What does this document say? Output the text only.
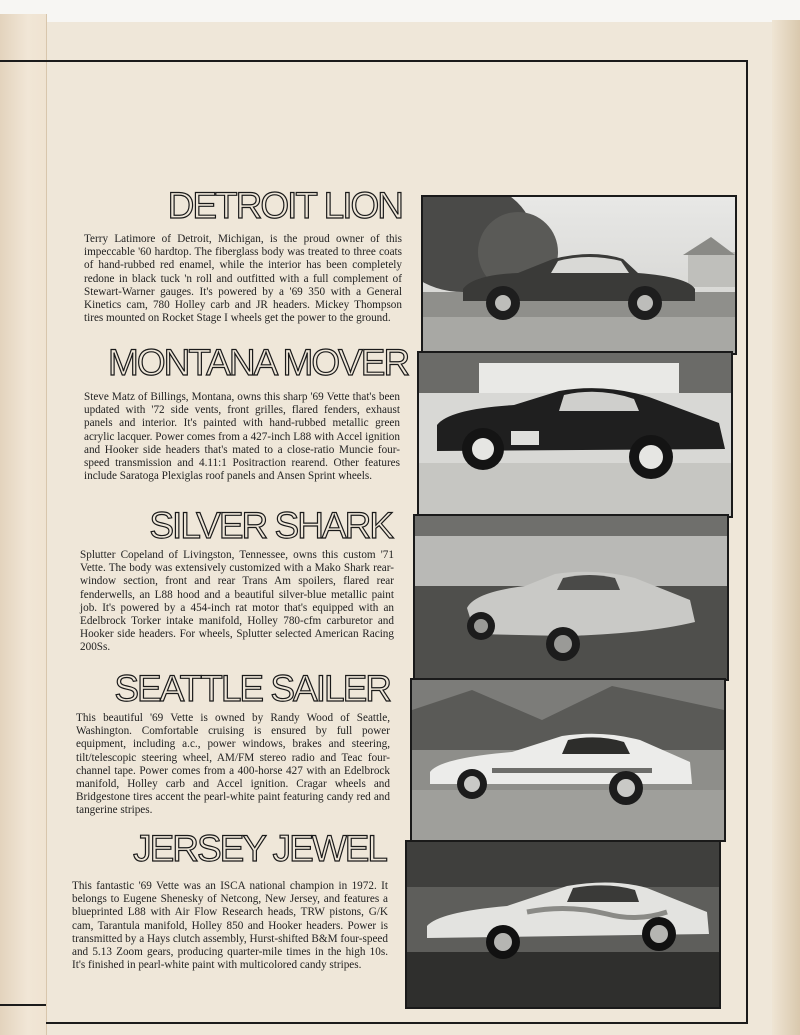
DETROIT LION
Terry Latimore of Detroit, Michigan, is the proud owner of this impeccable '60 hardtop. The fiberglass body was treated to three coats of hand-rubbed red enamel, while the interior has been completely redone in black tuck 'n roll and outfitted with a full complement of Stewart-Warner gauges. It's powered by a '69 350 with a General Kinetics cam, 780 Holley carb and JR headers. Mickey Thompson tires mounted on Rocket Stage I wheels get the power to the ground.
MONTANA MOVER
Steve Matz of Billings, Montana, owns this sharp '69 Vette that's been updated with '72 side vents, front grilles, flared fenders, exhaust panels and interior. It's painted with hand-rubbed metallic green acrylic lacquer. Power comes from a 427-inch L88 with Accel ignition and Hooker side headers that's mated to a close-ratio Muncie four-speed transmission and 4.11:1 Positraction rearend. Other features include Saratoga Plexiglas roof panels and Ansen Sprint wheels.
SILVER SHARK
Splutter Copeland of Livingston, Tennessee, owns this custom '71 Vette. The body was extensively customized with a Mako Shark rear-window section, front and rear Trans Am spoilers, flared rear fenderwells, an L88 hood and a beautiful silver-blue metallic paint job. It's powered by a 454-inch rat motor that's equipped with an Edelbrock Torker intake manifold, Holley 780-cfm carburetor and Hooker side headers. For wheels, Splutter selected American Racing 200Ss.
SEATTLE SAILER
This beautiful '69 Vette is owned by Randy Wood of Seattle, Washington. Comfortable cruising is ensured by full power equipment, including a.c., power windows, brakes and steering, tilt/telescopic steering wheel, AM/FM stereo radio and Teac four-channel tape. Power comes from a 400-horse 427 with an Edelbrock manifold, Holley carb and Accel ignition. Cragar wheels and Bridgestone tires accent the pearl-white paint featuring candy red and tangerine stripes.
JERSEY JEWEL
This fantastic '69 Vette was an ISCA national champion in 1972. It belongs to Eugene Shenesky of Netcong, New Jersey, and features a blueprinted L88 with Air Flow Research heads, TRW pistons, G/K cam, Tarantula manifold, Holley 850 and Hooker headers. Power is transmitted by a Hays clutch assembly, Hurst-shifted B&M four-speed and 5.13 Zoom gears, producing quarter-mile times in the high 10s. It's finished in pearl-white paint with multicolored candy stripes.
